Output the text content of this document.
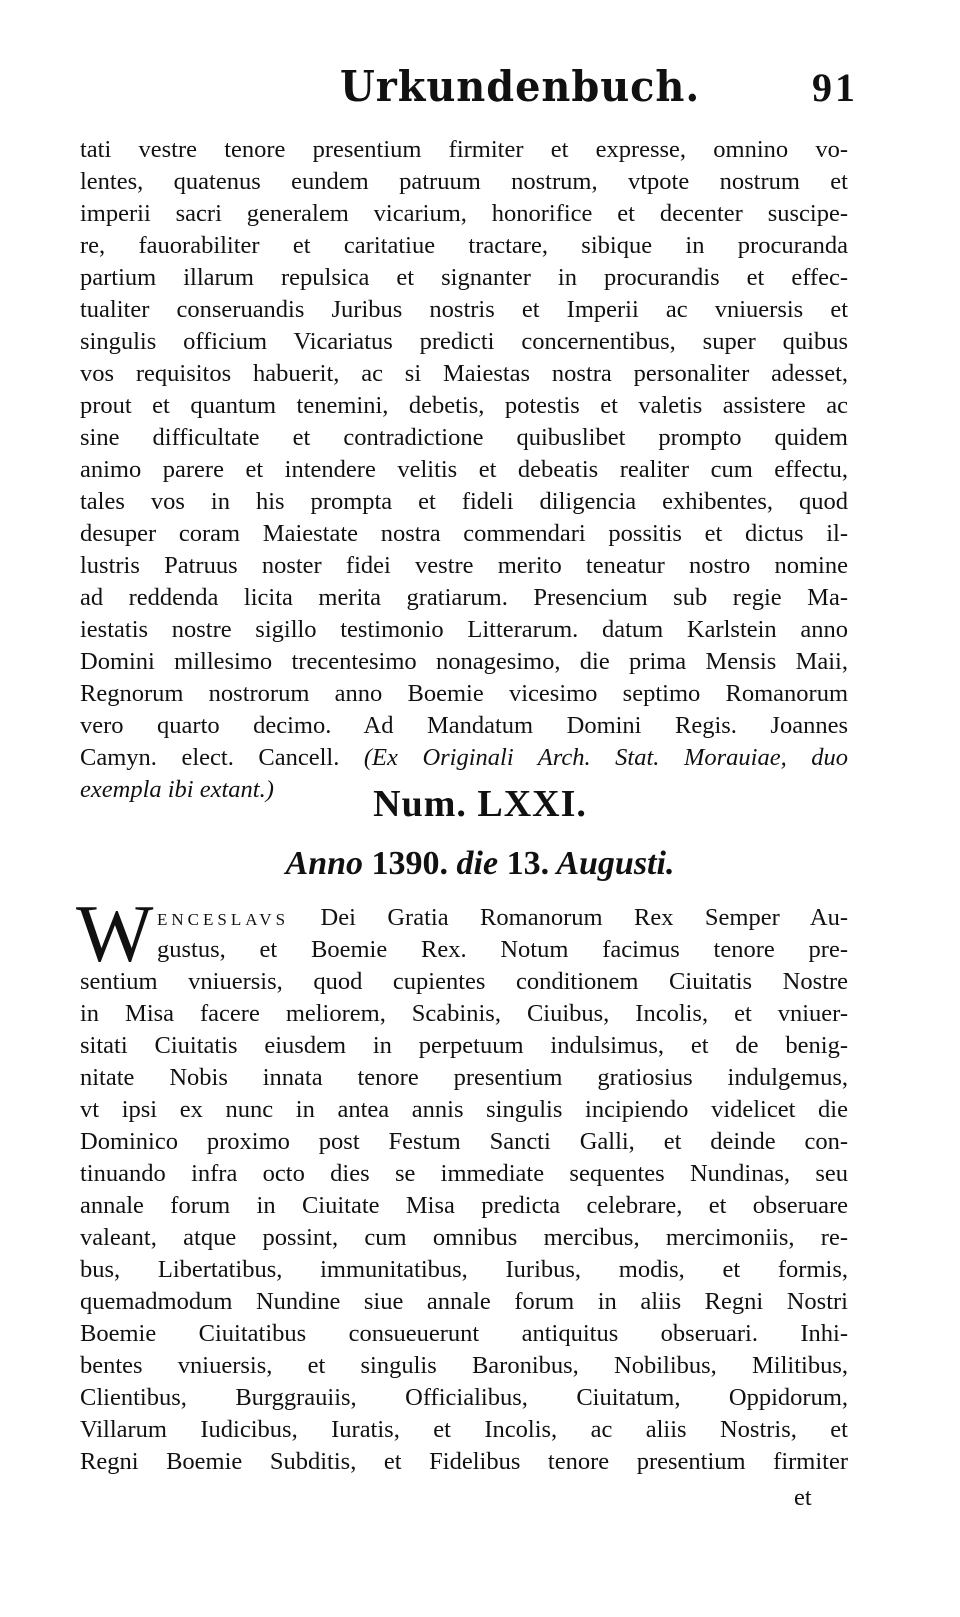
Urkundenbuch.	91
tati vestre tenore presentium firmiter et expresse, omnino vo-
lentes, quatenus eundem patruum nostrum, vtpote nostrum et
imperii sacri generalem vicarium, honorifice et decenter suscipe-
re, fauorabiliter et caritatiue tractare, sibique in procuranda
partium illarum repulsica et signanter in procurandis et effec-
tualiter conseruandis Juribus nostris et Imperii ac vniuersis et
singulis officium Vicariatus predicti concernentibus, super quibus
vos requisitos habuerit, ac si Maiestas nostra personaliter adesset,
prout et quantum tenemini, debetis, potestis et valetis assistere ac
sine difficultate et contradictione quibuslibet prompto quidem
animo parere et intendere velitis et debeatis realiter cum effectu,
tales vos in his prompta et fideli diligencia exhibentes, quod
desuper coram Maiestate nostra commendari possitis et dictus il-
lustris Patruus noster fidei vestre merito teneatur nostro nomine
ad reddenda licita merita gratiarum. Presencium sub regie Ma-
iestatis nostre sigillo testimonio Litterarum. datum Karlstein anno
Domini millesimo trecentesimo nonagesimo, die prima Mensis Maii,
Regnorum nostrorum anno Boemie vicesimo septimo Romanorum
vero quarto decimo. Ad Mandatum Domini Regis. Joannes
Camyn. elect. Cancell. (Ex Originali Arch. Stat. Morauiae, duo
exempla ibi extant.)	Num. LXXI.
Anno 1390. die 13. Augusti.
W ENCESLAVS Dei Gratia Romanorum Rex Semper Au-
gustus, et Boemie Rex. Notum facimus tenore pre-
sentium vniuersis, quod cupientes conditionem Ciuitatis Nostre
in Misa facere meliorem, Scabinis, Ciuibus, Incolis, et vniuer-
sitati Ciuitatis eiusdem in perpetuum indulsimus, et de benig-
nitate Nobis innata tenore presentium gratiosius indulgemus,
vt ipsi ex nunc in antea annis singulis incipiendo videlicet die
Dominico proximo post Festum Sancti Galli, et deinde con-
tinuando infra octo dies se immediate sequentes Nundinas, seu
annale forum in Ciuitate Misa predicta celebrare, et obseruare
valeant, atque possint, cum omnibus mercibus, mercimoniis, re-
bus, Libertatibus, immunitatibus, Iuribus, modis, et formis,
quemadmodum Nundine siue annale forum in aliis Regni Nostri
Boemie Ciuitatibus consueuerunt antiquitus obseruari. Inhi-
bentes vniuersis, et singulis Baronibus, Nobilibus, Militibus,
Clientibus, Burggrauiis, Officialibus, Ciuitatum, Oppidorum,
Villarum Iudicibus, Iuratis, et Incolis, ac aliis Nostris, et
Regni Boemie Subditis, et Fidelibus tenore presentium firmiter
et
